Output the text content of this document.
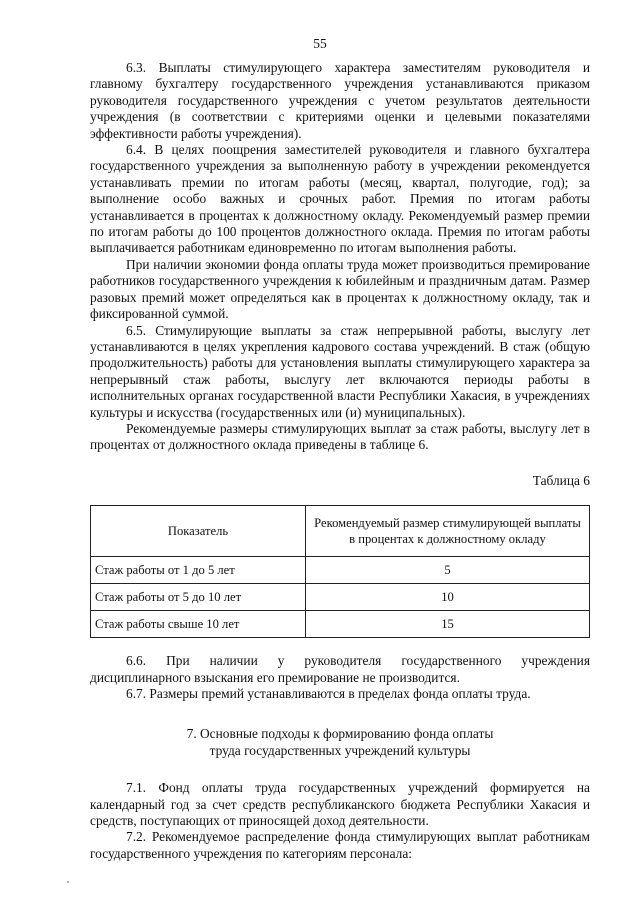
55

6.3. Выплаты стимулирующего характера заместителям руководителя и главному бухгалтеру государственного учреждения устанавливаются приказом руководителя государственного учреждения с учетом результатов деятельности учреждения (в соответствии с критериями оценки и целевыми показателями эффективности работы учреждения).

6.4. В целях поощрения заместителей руководителя и главного бухгалтера государственного учреждения за выполненную работу в учреждении рекомендуется устанавливать премии по итогам работы (месяц, квартал, полугодие, год); за выполнение особо важных и срочных работ. Премия по итогам работы устанавливается в процентах к должностному окладу. Рекомендуемый размер премии по итогам работы до 100 процентов должностного оклада. Премия по итогам работы выплачивается работникам единовременно по итогам выполнения работы.

При наличии экономии фонда оплаты труда может производиться премирование работников государственного учреждения к юбилейным и праздничным датам. Размер разовых премий может определяться как в процентах к должностному окладу, так и фиксированной суммой.

6.5. Стимулирующие выплаты за стаж непрерывной работы, выслугу лет устанавливаются в целях укрепления кадрового состава учреждений. В стаж (общую продолжительность) работы для установления выплаты стимулирующего характера за непрерывный стаж работы, выслугу лет включаются периоды работы в исполнительных органах государственной власти Республики Хакасия, в учреждениях культуры и искусства (государственных или (и) муниципальных).

Рекомендуемые размеры стимулирующих выплат за стаж работы, выслугу лет в процентах от должностного оклада приведены в таблице 6.

Таблица 6
Показатель	Рекомендуемый размер стимулирующей выплаты в процентах к должностному окладу
Стаж работы от 1 до 5 лет	5
Стаж работы от 5 до 10 лет	10
Стаж работы свыше 10 лет	15

6.6. При наличии у руководителя государственного учреждения дисциплинарного взыскания его премирование не производится.

6.7. Размеры премий устанавливаются в пределах фонда оплаты труда.

7. Основные подходы к формированию фонда оплаты
труда государственных учреждений культуры

7.1. Фонд оплаты труда государственных учреждений формируется на календарный год за счет средств республиканского бюджета Республики Хакасия и средств, поступающих от приносящей доход деятельности.

7.2. Рекомендуемое распределение фонда стимулирующих выплат работникам государственного учреждения по категориям персонала:
